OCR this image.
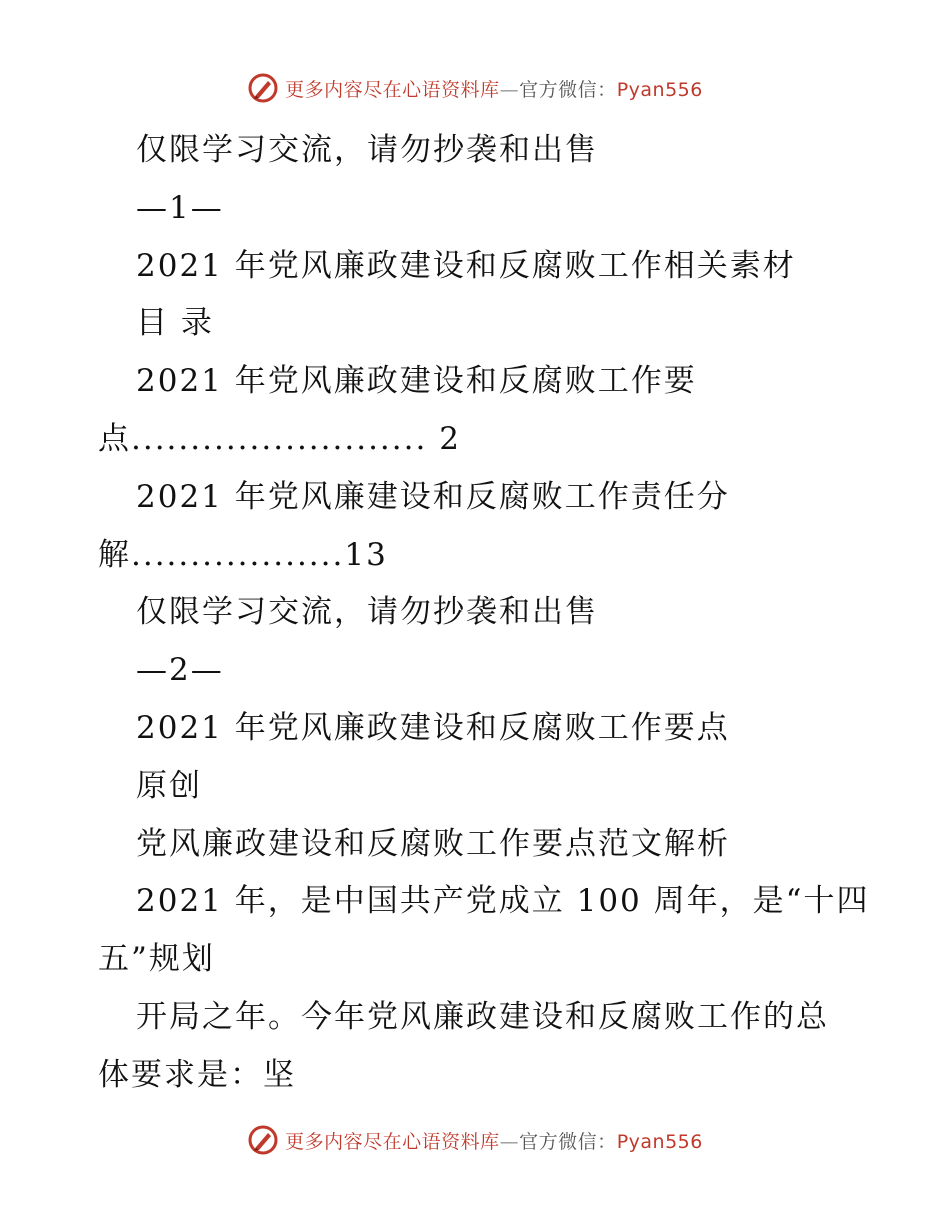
更多内容尽在心语资料库—官方微信：Pyan556
仅限学习交流，请勿抄袭和出售
—1—
2021 年党风廉政建设和反腐败工作相关素材
目 录
2021 年党风廉政建设和反腐败工作要
点......................... 2
2021 年党风廉建设和反腐败工作责任分
解..................13
仅限学习交流，请勿抄袭和出售
—2—
2021 年党风廉政建设和反腐败工作要点
原创
党风廉政建设和反腐败工作要点范文解析
2021 年，是中国共产党成立 100 周年，是“十四
五”规划
开局之年。今年党风廉政建设和反腐败工作的总
体要求是：坚
更多内容尽在心语资料库—官方微信：Pyan556
